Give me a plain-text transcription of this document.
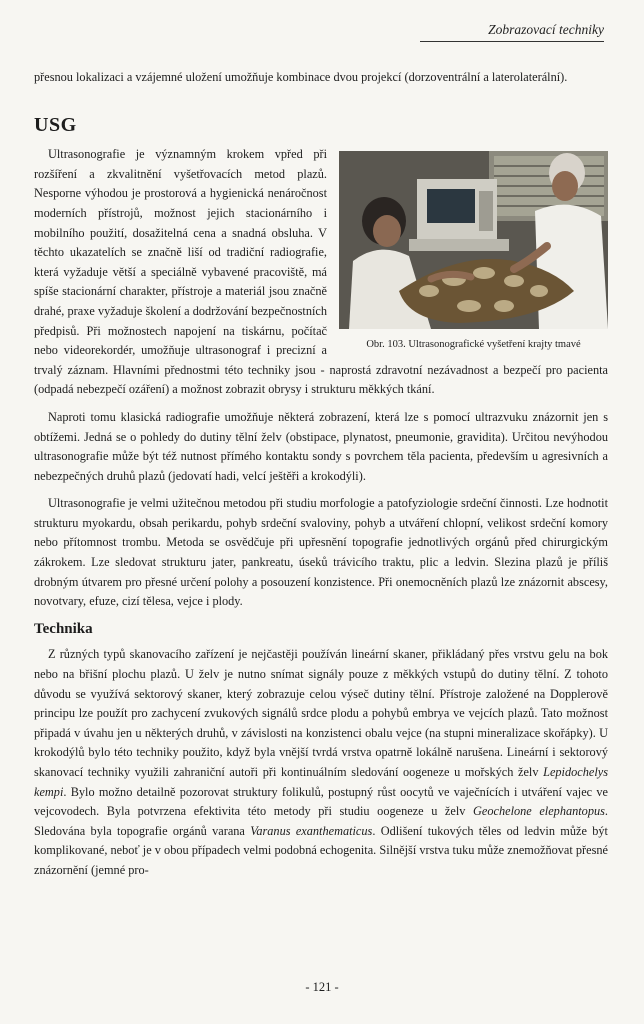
Zobrazovací techniky

přesnou lokalizaci a vzájemné uložení umožňuje kombinace dvou projekcí (dorzoventrální a laterolaterální).

USG
Obr. 103. Ultrasonografické vyšetření krajty tmavé

Ultrasonografie je významným krokem vpřed při rozšíření a zkvalitnění vyšetřovacích metod plazů. Nesporne výhodou je prostorová a hygienická nenáročnost moderních přístrojů, možnost jejich stacionárního i mobilního použití, dosažitelná cena a snadná obsluha. V těchto ukazatelích se značně liší od tradiční radiografie, která vyžaduje větší a speciálně vybavené pracoviště, má spíše stacionární charakter, přístroje a materiál jsou značně drahé, praxe vyžaduje školení a dodržování bezpečnostních předpisů. Při možnostech napojení na tiskárnu, počítač nebo videorekordér, umožňuje ultrasonograf i precizní a trvalý záznam. Hlavními přednostmi této techniky jsou - naprostá zdravotní nezávadnost a bezpečí pro pacienta (odpadá nebezpečí ozáření) a možnost zobrazit obrysy i strukturu měkkých tkání.

Naproti tomu klasická radiografie umožňuje některá zobrazení, která lze s pomocí ultrazvuku znázornit jen s obtížemi. Jedná se o pohledy do dutiny tělní želv (obstipace, plynatost, pneumonie, gravidita). Určitou nevýhodou ultrasonografie může být též nutnost přímého kontaktu sondy s povrchem těla pacienta, především u agresivních a nebezpečných druhů plazů (jedovatí hadi, velcí ještěři a krokodýli).

Ultrasonografie je velmi užitečnou metodou při studiu morfologie a patofyziologie srdeční činnosti. Lze hodnotit strukturu myokardu, obsah perikardu, pohyb srdeční svaloviny, pohyb a utváření chlopní, velikost srdeční komory nebo přítomnost trombu. Metoda se osvědčuje při upřesnění topografie jednotlivých orgánů před chirurgickým zákrokem. Lze sledovat strukturu jater, pankreatu, úseků trávicího traktu, plic a ledvin. Slezina plazů je příliš drobným útvarem pro přesné určení polohy a posouzení konzistence. Při onemocněních plazů lze znázornit abscesy, novotvary, efuze, cizí tělesa, vejce i plody.

Technika

Z různých typů skanovacího zařízení je nejčastěji používán lineární skaner, přikládaný přes vrstvu gelu na bok nebo na břišní plochu plazů. U želv je nutno snímat signály pouze z měkkých vstupů do dutiny tělní. Z tohoto důvodu se využívá sektorový skaner, který zobrazuje celou výseč dutiny tělní. Přístroje založené na Dopplerově principu lze použít pro zachycení zvukových signálů srdce plodu a pohybů embrya ve vejcích plazů. Tato možnost připadá v úvahu jen u některých druhů, v závislosti na konzistenci obalu vejce (na stupni mineralizace skořápky). U krokodýlů bylo této techniky použito, když byla vnější tvrdá vrstva opatrně lokálně narušena. Lineární i sektorový skanovací techniky využili zahraniční autoři při kontinuálním sledování oogeneze u mořských želv Lepidochelys kempi. Bylo možno detailně pozorovat struktury folikulů, postupný růst oocytů ve vaječnících i utváření vajec ve vejcovodech. Byla potvrzena efektivita této metody při studiu oogeneze u želv Geochelone elephantopus. Sledována byla topografie orgánů varana Varanus exanthematicus. Odlišení tukových těles od ledvin může být komplikované, neboť je v obou případech velmi podobná echogenita. Silnější vrstva tuku může znemožňovat přesné znázornění (jemné pro-

- 121 -
